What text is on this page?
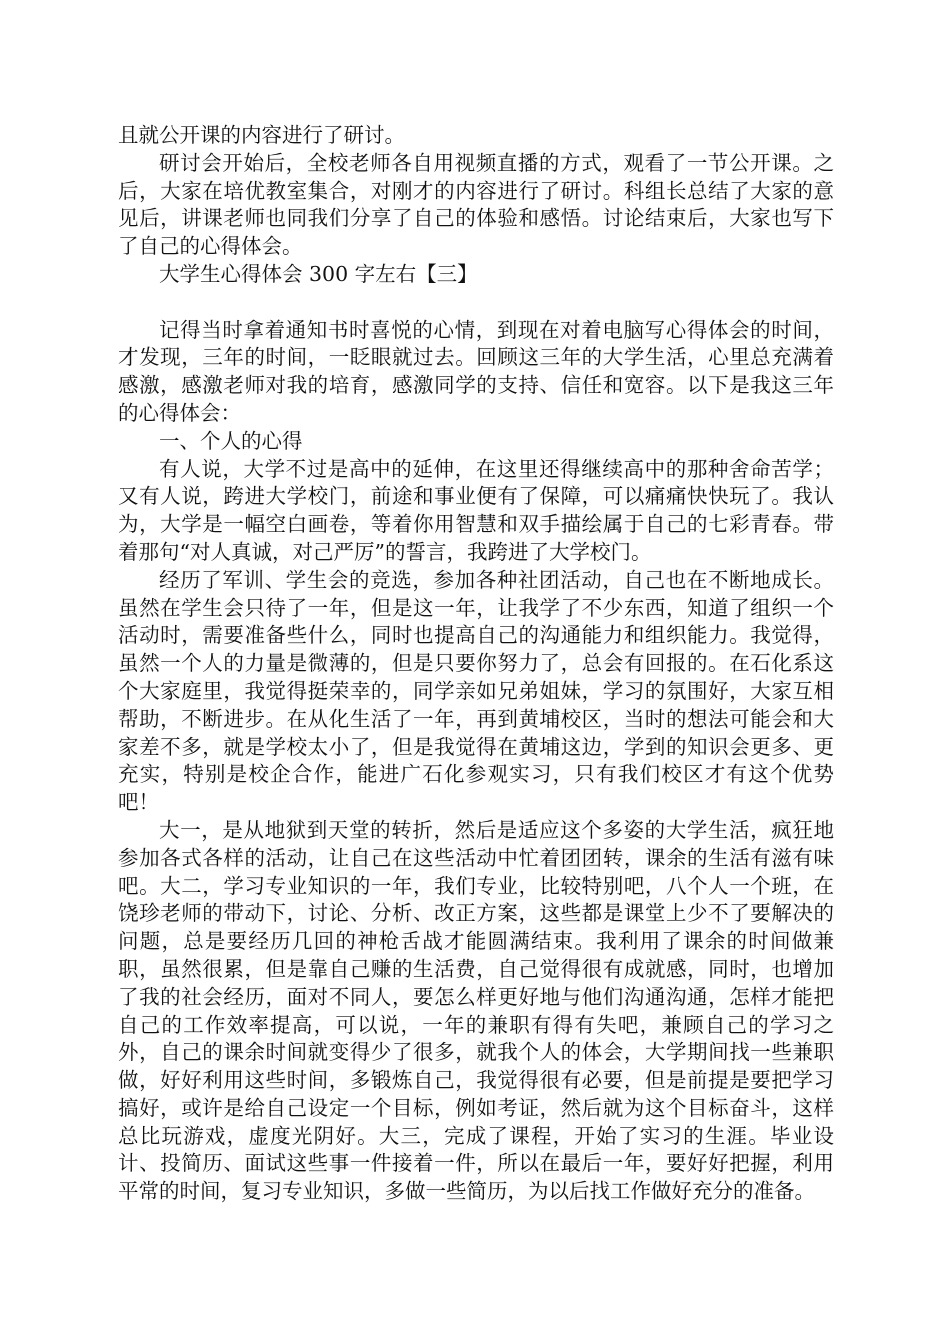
且就公开课的内容进行了研讨。

研讨会开始后，全校老师各自用视频直播的方式，观看了一节公开课。之后，大家在培优教室集合，对刚才的内容进行了研讨。科组长总结了大家的意见后，讲课老师也同我们分享了自己的体验和感悟。讨论结束后，大家也写下了自己的心得体会。

大学生心得体会 300 字左右【三】

记得当时拿着通知书时喜悦的心情，到现在对着电脑写心得体会的时间，才发现，三年的时间，一眨眼就过去。回顾这三年的大学生活，心里总充满着感激，感激老师对我的培育，感激同学的支持、信任和宽容。以下是我这三年的心得体会：

一、个人的心得

有人说，大学不过是高中的延伸，在这里还得继续高中的那种舍命苦学；又有人说，跨进大学校门，前途和事业便有了保障，可以痛痛快快玩了。我认为，大学是一幅空白画卷，等着你用智慧和双手描绘属于自己的七彩青春。带着那句“对人真诚，对己严厉”的誓言，我跨进了大学校门。

经历了军训、学生会的竞选，参加各种社团活动，自己也在不断地成长。虽然在学生会只待了一年，但是这一年，让我学了不少东西，知道了组织一个活动时，需要准备些什么，同时也提高自己的沟通能力和组织能力。我觉得，虽然一个人的力量是微薄的，但是只要你努力了，总会有回报的。在石化系这个大家庭里，我觉得挺荣幸的，同学亲如兄弟姐妹，学习的氛围好，大家互相帮助，不断进步。在从化生活了一年，再到黄埔校区，当时的想法可能会和大家差不多，就是学校太小了，但是我觉得在黄埔这边，学到的知识会更多、更充实，特别是校企合作，能进广石化参观实习，只有我们校区才有这个优势吧！

大一，是从地狱到天堂的转折，然后是适应这个多姿的大学生活，疯狂地参加各式各样的活动，让自己在这些活动中忙着团团转，课余的生活有滋有味吧。大二，学习专业知识的一年，我们专业，比较特别吧，八个人一个班，在饶珍老师的带动下，讨论、分析、改正方案，这些都是课堂上少不了要解决的问题，总是要经历几回的神枪舌战才能圆满结束。我利用了课余的时间做兼职，虽然很累，但是靠自己赚的生活费，自己觉得很有成就感，同时，也增加了我的社会经历，面对不同人，要怎么样更好地与他们沟通沟通，怎样才能把自己的工作效率提高，可以说，一年的兼职有得有失吧，兼顾自己的学习之外，自己的课余时间就变得少了很多，就我个人的体会，大学期间找一些兼职做，好好利用这些时间，多锻炼自己，我觉得很有必要，但是前提是要把学习搞好，或许是给自己设定一个目标，例如考证，然后就为这个目标奋斗，这样总比玩游戏，虚度光阴好。大三，完成了课程，开始了实习的生涯。毕业设计、投简历、面试这些事一件接着一件，所以在最后一年，要好好把握，利用平常的时间，复习专业知识，多做一些简历，为以后找工作做好充分的准备。
